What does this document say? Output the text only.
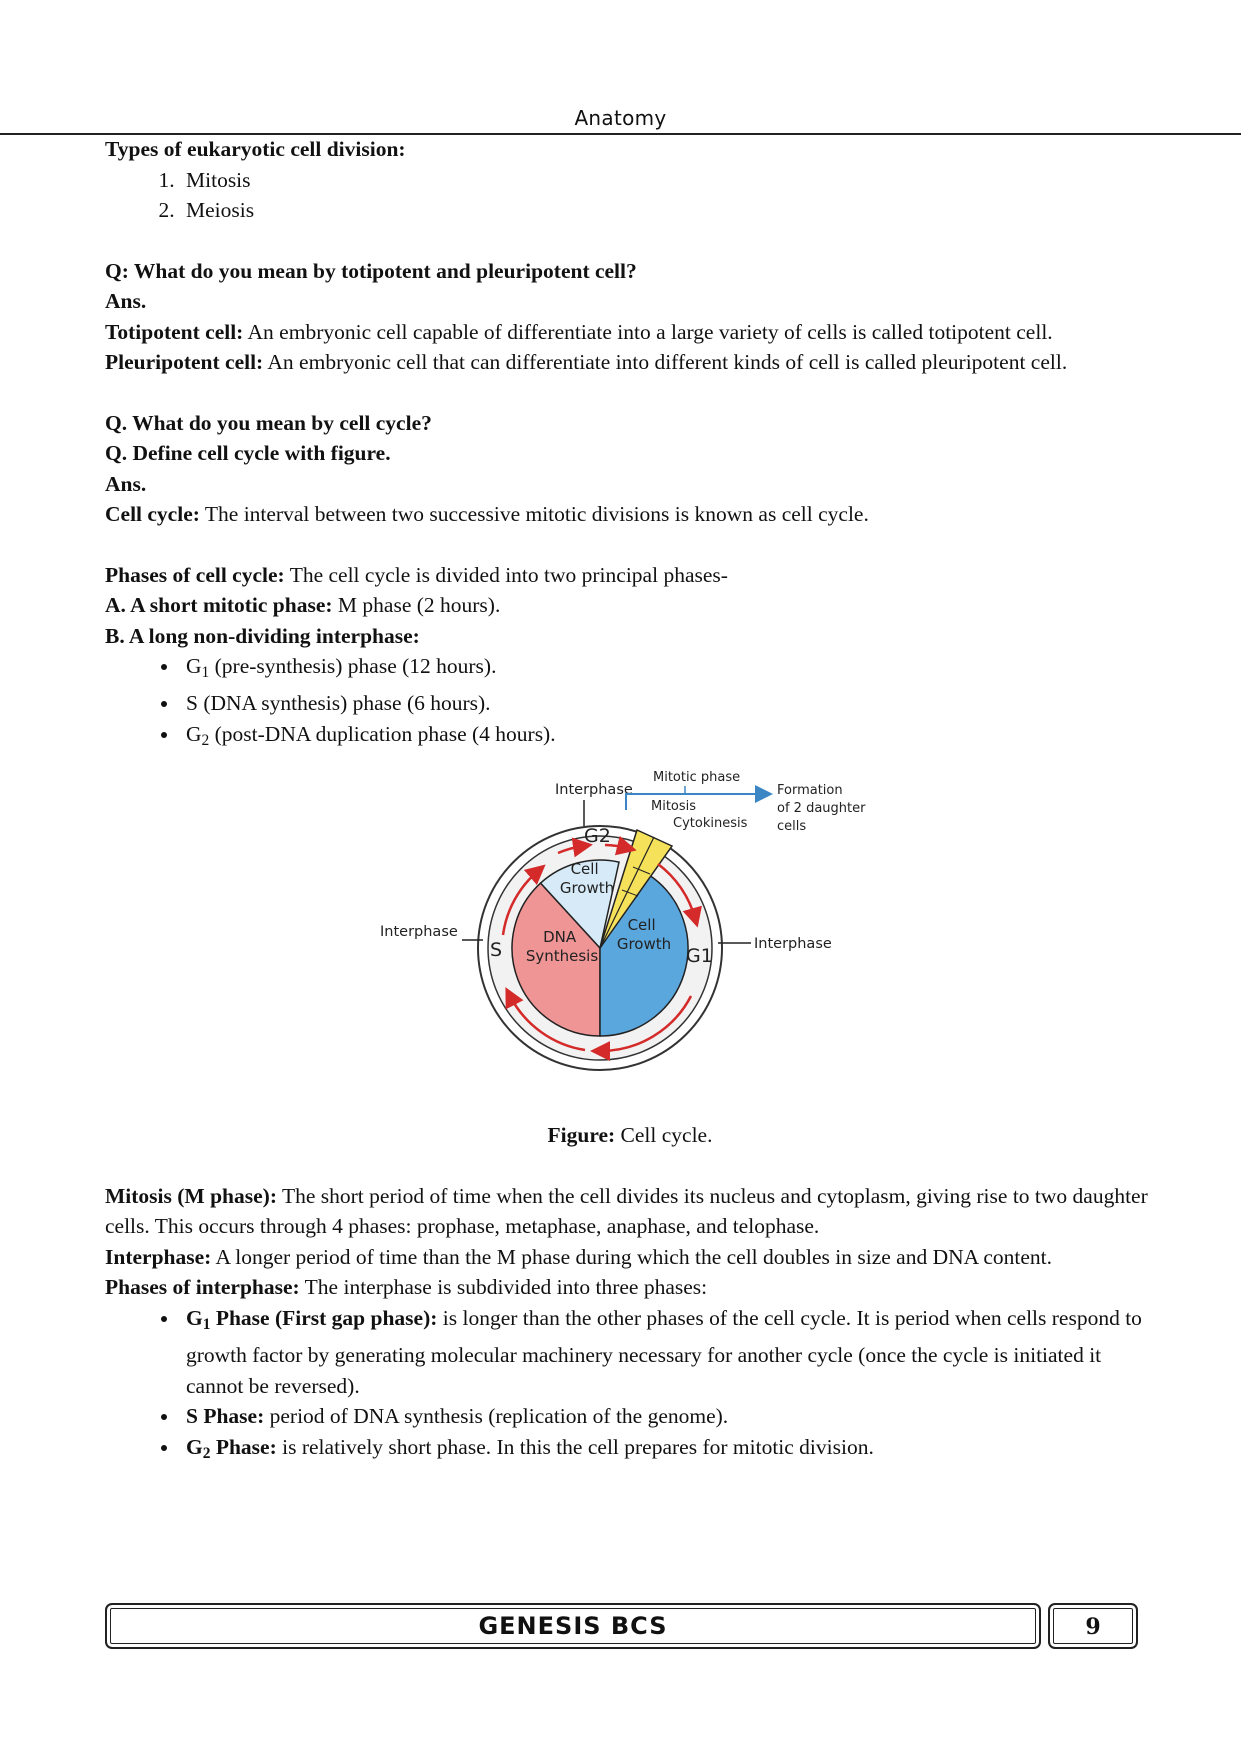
Anatomy

Types of eukaryotic cell division:

1. Mitosis
2. Meiosis

Q: What do you mean by totipotent and pleuripotent cell?

Ans.

Totipotent cell: An embryonic cell capable of differentiate into a large variety of cells is called totipotent cell.

Pleuripotent cell: An embryonic cell that can differentiate into different kinds of cell is called pleuripotent cell.

Q. What do you mean by cell cycle?

Q. Define cell cycle with figure.

Ans.

Cell cycle: The interval between two successive mitotic divisions is known as cell cycle.

Phases of cell cycle: The cell cycle is divided into two principal phases-

A. A short mitotic phase: M phase (2 hours).

B. A long non-dividing interphase:

• $G_1$ (pre-synthesis) phase (12 hours).
• S (DNA synthesis) phase (6 hours).
• $G_2$ (post-DNA duplication phase (4 hours).
G2
G1
S
Cell Growth
Cell Growth
DNA Synthesis
Interphase
Mitotic phase
Mitosis
Cytokinesis
Formation of 2 daughter cells
Interphase
Interphase

Figure: Cell cycle.

Mitosis (M phase): The short period of time when the cell divides its nucleus and cytoplasm, giving rise to two daughter cells. This occurs through 4 phases: prophase, metaphase, anaphase, and telophase.

Interphase: A longer period of time than the M phase during which the cell doubles in size and DNA content.

Phases of interphase: The interphase is subdivided into three phases:

• $G_1$ Phase (First gap phase): is longer than the other phases of the cell cycle. It is period when cells respond to growth factor by generating molecular machinery necessary for another cycle (once the cycle is initiated it cannot be reversed).
• S Phase: period of DNA synthesis (replication of the genome).
• $G_2$ Phase: is relatively short phase. In this the cell prepares for mitotic division.
GENESIS BCS	9
